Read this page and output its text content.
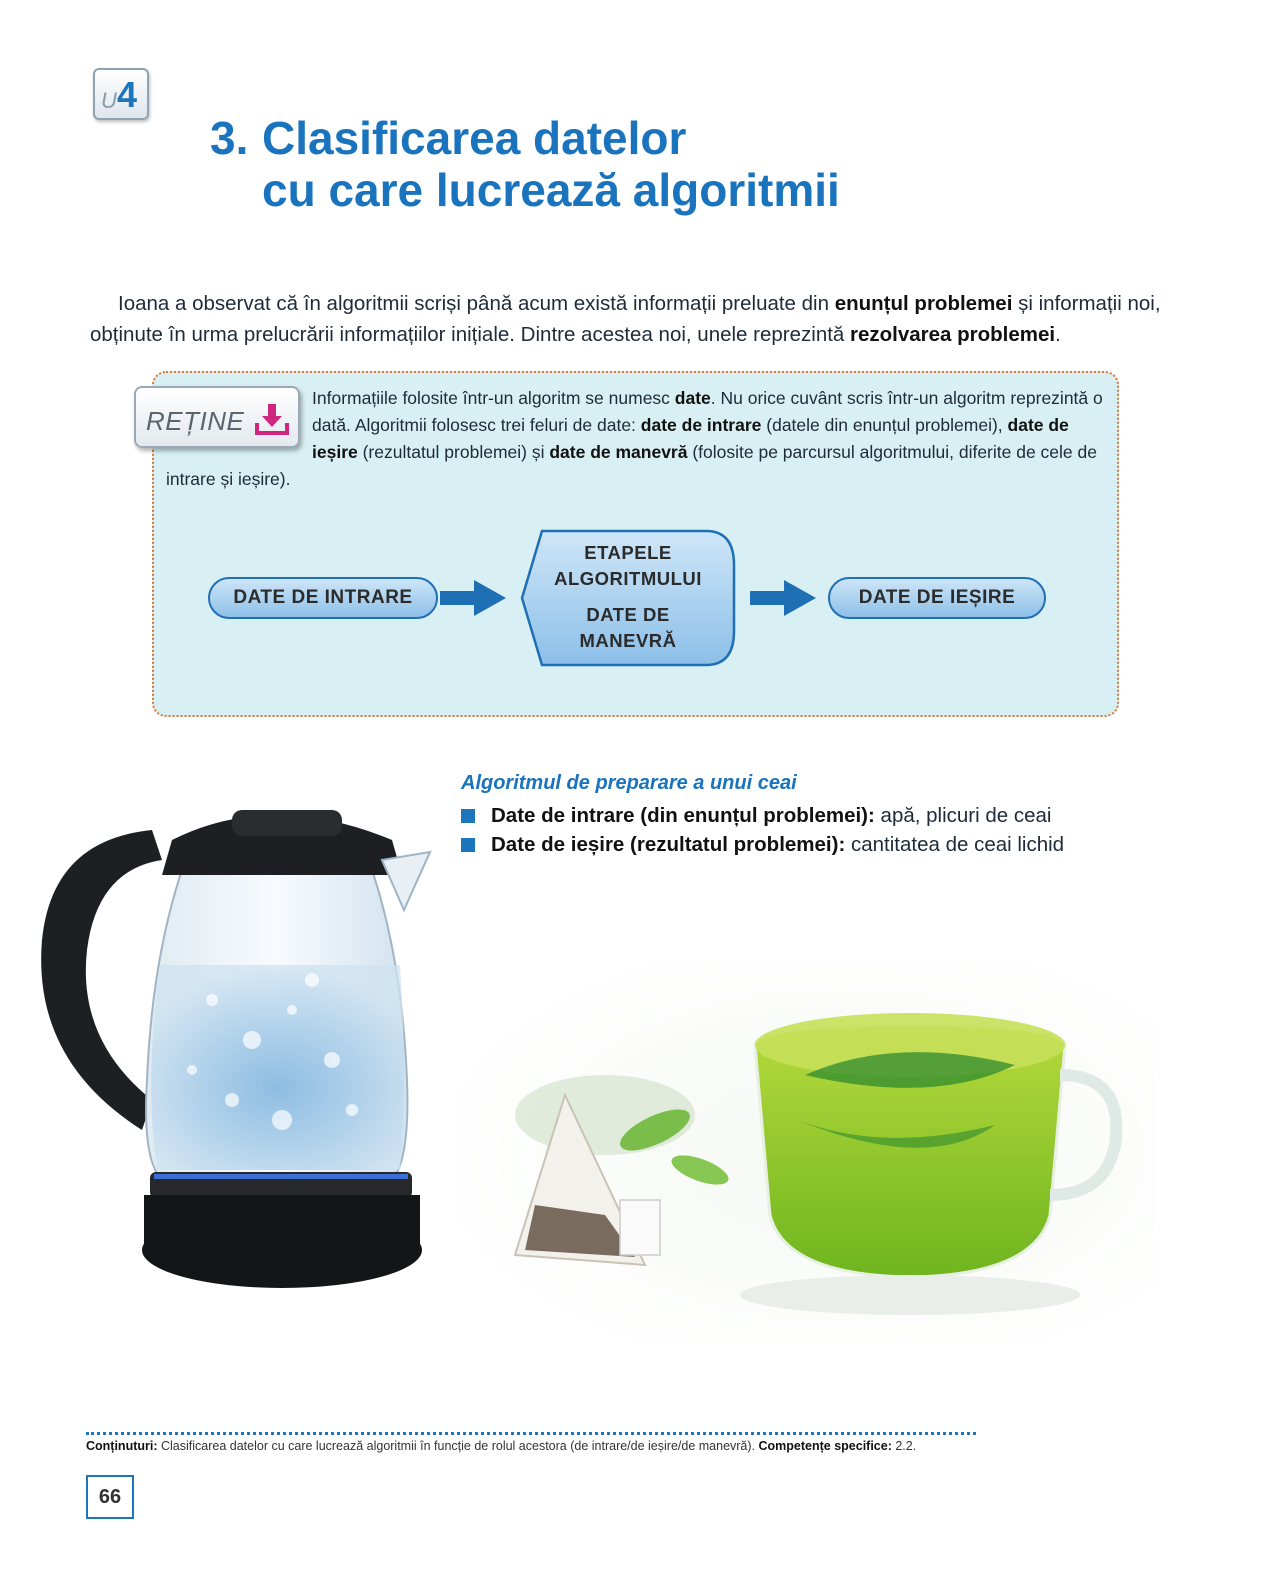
U 4
3. Clasificarea datelor
cu care lucrează algoritmii

Ioana a observat că în algoritmii scriși până acum există informații preluate din enunțul problemei și informații noi, obținute în urma prelucrării informațiilor inițiale. Dintre acestea noi, unele reprezintă rezolvarea problemei.

Informațiile folosite într-un algoritm se numesc date. Nu orice cuvânt scris într-un algoritm reprezintă o dată. Algoritmii folosesc trei feluri de date: date de intrare (datele din enunțul problemei), date de ieșire (rezultatul problemei) și date de manevră (folosite pe parcursul algoritmului, diferite de cele de intrare și ieșire).

REȚINE
DATE DE INTRARE
ETAPELE
ALGORITMULUI
DATE DE
MANEVRĂ
DATE DE IEȘIRE
Algoritmul de preparare a unui ceai
Date de intrare (din enunțul problemei): apă, plicuri de ceai
Date de ieșire (rezultatul problemei): cantitatea de ceai lichid

Conținuturi: Clasificarea datelor cu care lucrează algoritmii în funcție de rolul acestora (de intrare/de ieșire/de manevră). Competențe specifice: 2.2.

66
